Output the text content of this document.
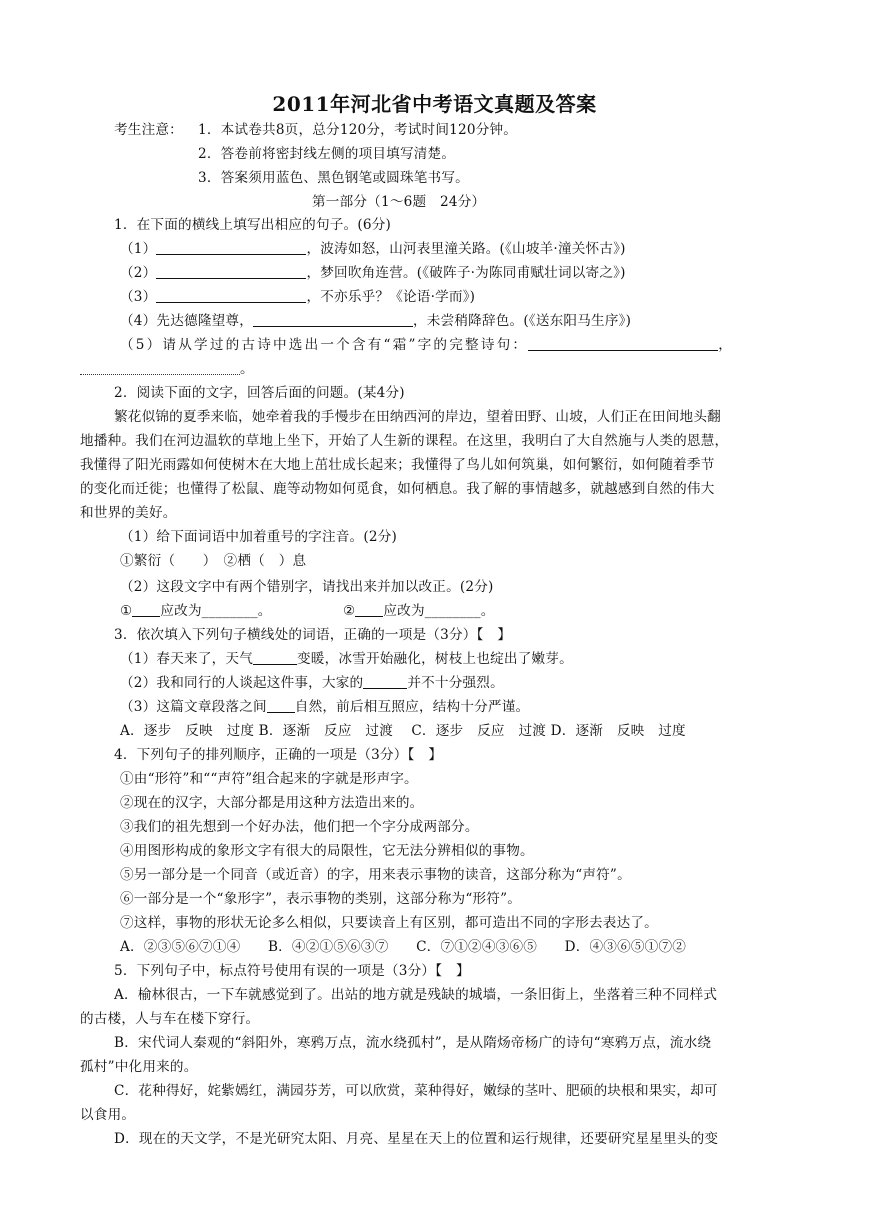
2011年河北省中考语文真题及答案
考生注意： 1．本试卷共8页，总分120分，考试时间120分钟。
2．答卷前将密封线左侧的项目填写清楚。
3．答案须用蓝色、黑色钢笔或圆珠笔书写。
第一部分（1～6题　24分）
1．在下面的横线上填写出相应的句子。(6分)
（1）	，波涛如怒，山河表里潼关路。(《山坡羊·潼关怀古》)
（2）	，梦回吹角连营。(《破阵子·为陈同甫赋壮词以寄之》)
（3）	，不亦乐乎？《论语·学而》)
（4）先达德隆望尊，	，未尝稍降辞色。(《送东阳马生序》)
（5）请从学过的古诗中选出一个含有“霜”字的完整诗句：	，
。
2．阅读下面的文字，回答后面的问题。(某4分)
繁花似锦的夏季来临，她牵着我的手慢步在田纳西河的岸边，望着田野、山坡，人们正在田间地头翻
地播种。我们在河边温软的草地上坐下，开始了人生新的课程。在这里，我明白了大自然施与人类的恩慧，
我懂得了阳光雨露如何使树木在大地上茁壮成长起来；我懂得了鸟儿如何筑巢，如何繁衍，如何随着季节
的变化而迁徙；也懂得了松鼠、鹿等动物如何觅食，如何栖息。我了解的事情越多，就越感到自然的伟大
和世界的美好。
（1）给下面词语中加着重号的字注音。(2分)
①繁衍（　　）　②栖（　）息
（2）这段文字中有两个错别字，请找出来并加以改正。(2分)
① 应改为________。	② 应改为________。
3．依次填入下列句子横线处的词语，正确的一项是（3分）【　】
（1）春天来了，天气	变暖，冰雪开始融化，树枝上也绽出了嫩芽。
（2）我和同行的人谈起这件事，大家的	并不十分强烈。
（3）这篇文章段落之间 自然，前后相互照应，结构十分严谨。
A．逐步　反映　过度 B．逐渐　反应　过渡　 C．逐步　反应　过渡 D．逐渐　反映　过度
4．下列句子的排列顺序，正确的一项是（3分）【　】
①由“形符”和““声符”组合起来的字就是形声字。
②现在的汉字，大部分都是用这种方法造出来的。
③我们的祖先想到一个好办法，他们把一个字分成两部分。
④用图形构成的象形文字有很大的局限性，它无法分辨相似的事物。
⑤另一部分是一个同音（或近音）的字，用来表示事物的读音，这部分称为“声符”。
⑥一部分是一个“象形字”，表示事物的类别，这部分称为“形符”。
⑦这样，事物的形状无论多么相似，只要读音上有区别，都可造出不同的字形去表达了。
A．②③⑤⑥⑦①④　　B．④②①⑤⑥③⑦　　C．⑦①②④③⑥⑤　　D．④③⑥⑤①⑦②
5．下列句子中，标点符号使用有误的一项是（3分）【　】
A．榆林很古，一下车就感觉到了。出站的地方就是残缺的城墙，一条旧街上，坐落着三种不同样式
的古楼，人与车在楼下穿行。
B．宋代词人秦观的“斜阳外，寒鸦万点，流水绕孤村”，是从隋炀帝杨广的诗句“寒鸦万点，流水绕
孤村”中化用来的。
C．花种得好，姹紫嫣红，满园芬芳，可以欣赏，菜种得好，嫩绿的茎叶、肥硕的块根和果实，却可
以食用。
D．现在的天文学，不是光研究太阳、月亮、星星在天上的位置和运行规律，还要研究星星里头的变
